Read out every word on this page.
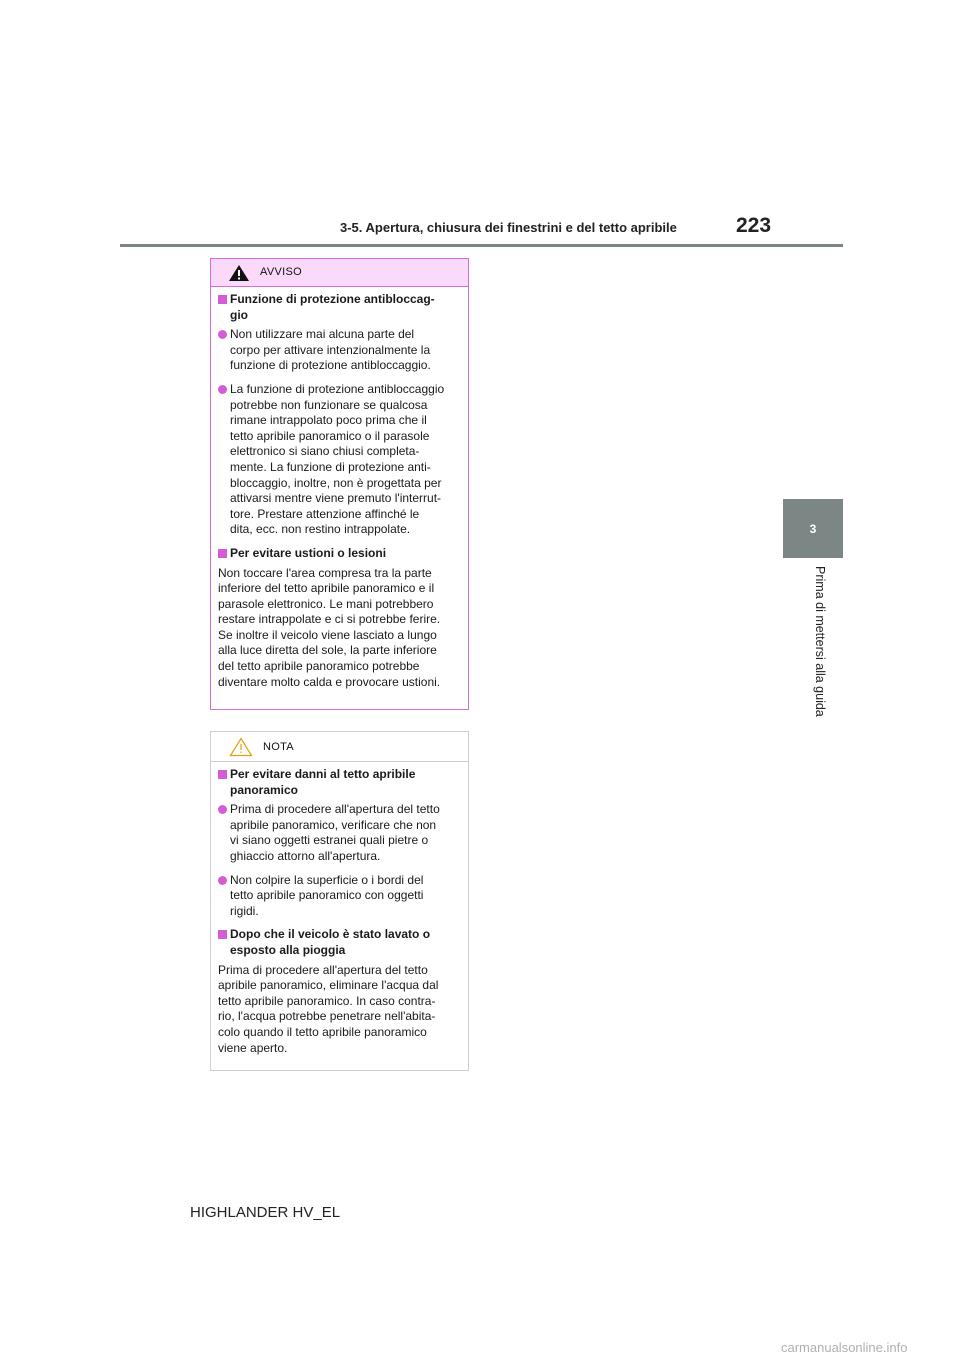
3-5. Apertura, chiusura dei finestrini e del tetto apribile	223
3
Prima di mettersi alla guida
AVVISO
Funzione di protezione antibloccag-
gio
Non utilizzare mai alcuna parte del
corpo per attivare intenzionalmente la
funzione di protezione antibloccaggio.
La funzione di protezione antibloccaggio
potrebbe non funzionare se qualcosa
rimane intrappolato poco prima che il
tetto apribile panoramico o il parasole
elettronico si siano chiusi completa-
mente. La funzione di protezione anti-
bloccaggio, inoltre, non è progettata per
attivarsi mentre viene premuto l'interrut-
tore. Prestare attenzione affinché le
dita, ecc. non restino intrappolate.
Per evitare ustioni o lesioni
Non toccare l'area compresa tra la parte
inferiore del tetto apribile panoramico e il
parasole elettronico. Le mani potrebbero
restare intrappolate e ci si potrebbe ferire.
Se inoltre il veicolo viene lasciato a lungo
alla luce diretta del sole, la parte inferiore
del tetto apribile panoramico potrebbe
diventare molto calda e provocare ustioni.
NOTA
Per evitare danni al tetto apribile
panoramico
Prima di procedere all'apertura del tetto
apribile panoramico, verificare che non
vi siano oggetti estranei quali pietre o
ghiaccio attorno all'apertura.
Non colpire la superficie o i bordi del
tetto apribile panoramico con oggetti
rigidi.
Dopo che il veicolo è stato lavato o
esposto alla pioggia
Prima di procedere all'apertura del tetto
apribile panoramico, eliminare l'acqua dal
tetto apribile panoramico. In caso contra-
rio, l'acqua potrebbe penetrare nell'abita-
colo quando il tetto apribile panoramico
viene aperto.
HIGHLANDER HV_EL
carmanualsonline.info
